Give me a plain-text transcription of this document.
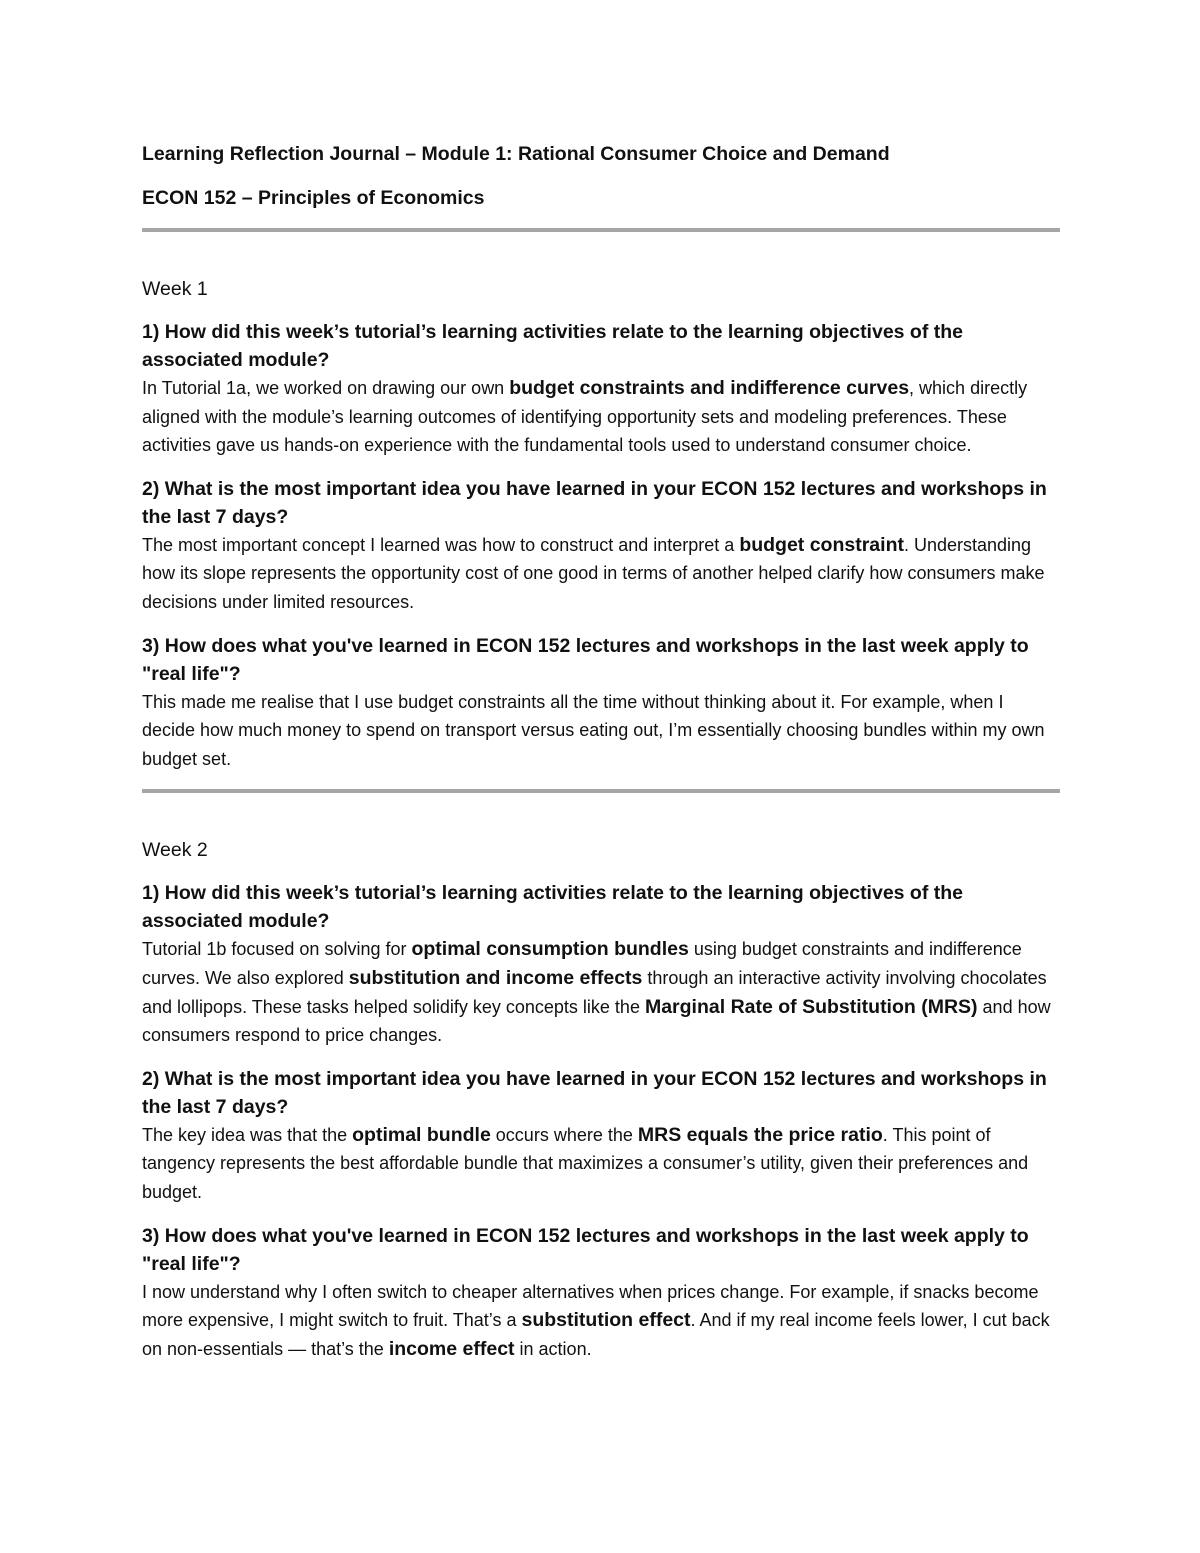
Learning Reflection Journal – Module 1: Rational Consumer Choice and Demand

ECON 152 – Principles of Economics

Week 1

1) How did this week’s tutorial’s learning activities relate to the learning objectives of the associated module?

In Tutorial 1a, we worked on drawing our own budget constraints and indifference curves, which directly aligned with the module’s learning outcomes of identifying opportunity sets and modeling preferences. These activities gave us hands-on experience with the fundamental tools used to understand consumer choice.

2) What is the most important idea you have learned in your ECON 152 lectures and workshops in the last 7 days?

The most important concept I learned was how to construct and interpret a budget constraint. Understanding how its slope represents the opportunity cost of one good in terms of another helped clarify how consumers make decisions under limited resources.

3) How does what you've learned in ECON 152 lectures and workshops in the last week apply to "real life"?

This made me realise that I use budget constraints all the time without thinking about it. For example, when I decide how much money to spend on transport versus eating out, I’m essentially choosing bundles within my own budget set.

Week 2

1) How did this week’s tutorial’s learning activities relate to the learning objectives of the associated module?

Tutorial 1b focused on solving for optimal consumption bundles using budget constraints and indifference curves. We also explored substitution and income effects through an interactive activity involving chocolates and lollipops. These tasks helped solidify key concepts like the Marginal Rate of Substitution (MRS) and how consumers respond to price changes.

2) What is the most important idea you have learned in your ECON 152 lectures and workshops in the last 7 days?

The key idea was that the optimal bundle occurs where the MRS equals the price ratio. This point of tangency represents the best affordable bundle that maximizes a consumer’s utility, given their preferences and budget.

3) How does what you've learned in ECON 152 lectures and workshops in the last week apply to "real life"?

I now understand why I often switch to cheaper alternatives when prices change. For example, if snacks become more expensive, I might switch to fruit. That’s a substitution effect. And if my real income feels lower, I cut back on non-essentials — that’s the income effect in action.
